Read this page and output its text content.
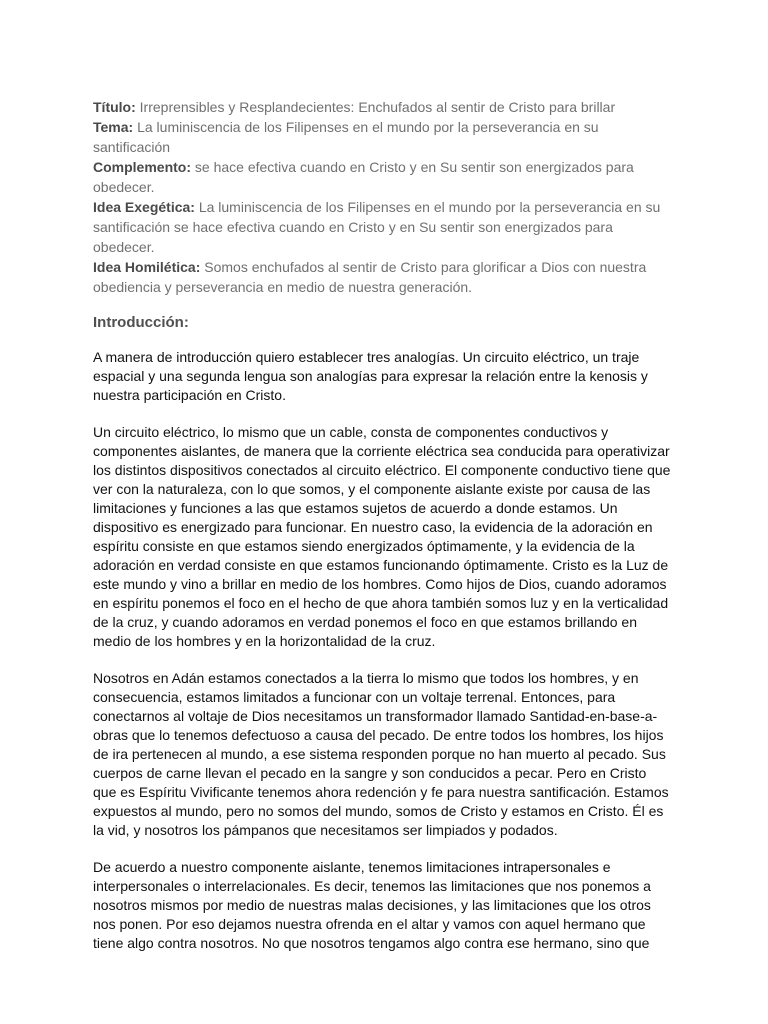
Título: Irreprensibles y Resplandecientes: Enchufados al sentir de Cristo para brillar

Tema: La luminiscencia de los Filipenses en el mundo por la perseverancia en su santificación

Complemento: se hace efectiva cuando en Cristo y en Su sentir son energizados para obedecer.

Idea Exegética: La luminiscencia de los Filipenses en el mundo por la perseverancia en su santificación se hace efectiva cuando en Cristo y en Su sentir son energizados para obedecer.

Idea Homilética: Somos enchufados al sentir de Cristo para glorificar a Dios con nuestra obediencia y perseverancia en medio de nuestra generación.

Introducción:

A manera de introducción quiero establecer tres analogías. Un circuito eléctrico, un traje espacial y una segunda lengua son analogías para expresar la relación entre la kenosis y nuestra participación en Cristo.

Un circuito eléctrico, lo mismo que un cable, consta de componentes conductivos y componentes aislantes, de manera que la corriente eléctrica sea conducida para operativizar los distintos dispositivos conectados al circuito eléctrico. El componente conductivo tiene que ver con la naturaleza, con lo que somos, y el componente aislante existe por causa de las limitaciones y funciones a las que estamos sujetos de acuerdo a donde estamos. Un dispositivo es energizado para funcionar. En nuestro caso, la evidencia de la adoración en espíritu consiste en que estamos siendo energizados óptimamente, y la evidencia de la adoración en verdad consiste en que estamos funcionando óptimamente. Cristo es la Luz de este mundo y vino a brillar en medio de los hombres. Como hijos de Dios, cuando adoramos en espíritu ponemos el foco en el hecho de que ahora también somos luz y en la verticalidad de la cruz, y cuando adoramos en verdad ponemos el foco en que estamos brillando en medio de los hombres y en la horizontalidad de la cruz.

Nosotros en Adán estamos conectados a la tierra lo mismo que todos los hombres, y en consecuencia, estamos limitados a funcionar con un voltaje terrenal. Entonces, para conectarnos al voltaje de Dios necesitamos un transformador llamado Santidad-en-base-a-obras que lo tenemos defectuoso a causa del pecado. De entre todos los hombres, los hijos de ira pertenecen al mundo, a ese sistema responden porque no han muerto al pecado. Sus cuerpos de carne llevan el pecado en la sangre y son conducidos a pecar. Pero en Cristo que es Espíritu Vivificante tenemos ahora redención y fe para nuestra santificación. Estamos expuestos al mundo, pero no somos del mundo, somos de Cristo y estamos en Cristo. Él es la vid, y nosotros los pámpanos que necesitamos ser limpiados y podados.

De acuerdo a nuestro componente aislante, tenemos limitaciones intrapersonales e interpersonales o interrelacionales. Es decir, tenemos las limitaciones que nos ponemos a nosotros mismos por medio de nuestras malas decisiones, y las limitaciones que los otros nos ponen. Por eso dejamos nuestra ofrenda en el altar y vamos con aquel hermano que tiene algo contra nosotros. No que nosotros tengamos algo contra ese hermano, sino que
